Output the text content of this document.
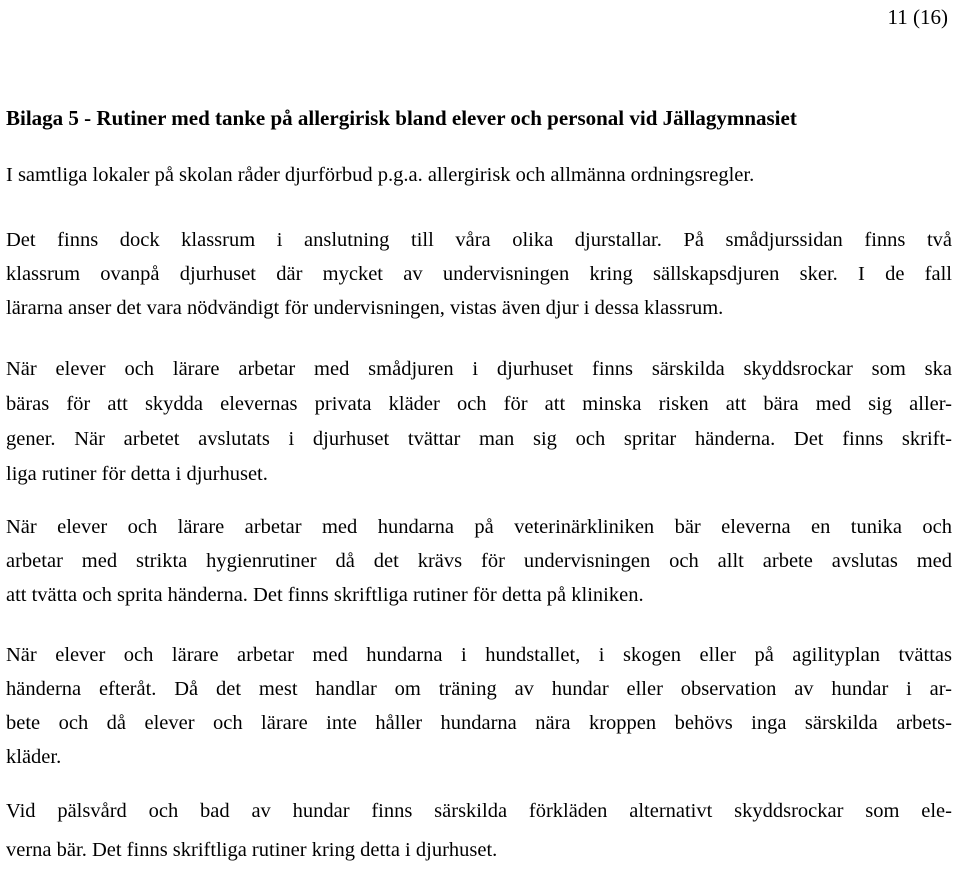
11 (16)
Bilaga 5 - Rutiner med tanke på allergirisk bland elever och personal vid Jällagymnasiet
I samtliga lokaler på skolan råder djurförbud p.g.a. allergirisk och allmänna ordningsregler.
Det finns dock klassrum i anslutning till våra olika djurstallar. På smådjurssidan finns två
klassrum ovanpå djurhuset där mycket av undervisningen kring sällskapsdjuren sker. I de fall
lärarna anser det vara nödvändigt för undervisningen, vistas även djur i dessa klassrum.
När elever och lärare arbetar med smådjuren i djurhuset finns särskilda skyddsrockar som ska
bäras för att skydda elevernas privata kläder och för att minska risken att bära med sig aller-
gener. När arbetet avslutats i djurhuset tvättar man sig och spritar händerna. Det finns skrift-
liga rutiner för detta i djurhuset.
När elever och lärare arbetar med hundarna på veterinärkliniken bär eleverna en tunika och
arbetar med strikta hygienrutiner då det krävs för undervisningen och allt arbete avslutas med
att tvätta och sprita händerna. Det finns skriftliga rutiner för detta på kliniken.
När elever och lärare arbetar med hundarna i hundstallet, i skogen eller på agilityplan tvättas
händerna efteråt. Då det mest handlar om träning av hundar eller observation av hundar i ar-
bete och då elever och lärare inte håller hundarna nära kroppen behövs inga särskilda arbets-
kläder.
Vid pälsvård och bad av hundar finns särskilda förkläden alternativt skyddsrockar som ele-
verna bär. Det finns skriftliga rutiner kring detta i djurhuset.
